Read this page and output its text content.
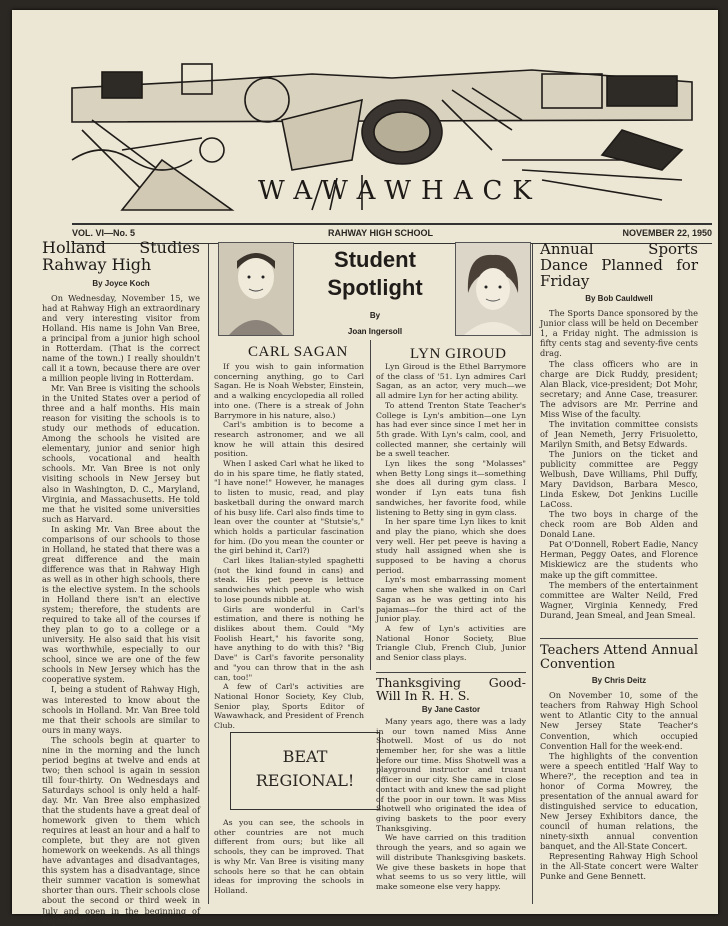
WAWAWHACK
VOL. VI—No. 5	RAHWAY HIGH SCHOOL	NOVEMBER 22, 1950
Holland Studies Rahway High
By Joyce Koch

On Wednesday, November 15, we had at Rahway High an extraordinary and very interesting visitor from Holland. His name is John Van Bree, a principal from a junior high school in Rotterdam. (That is the correct name of the town.) I really shouldn't call it a town, because there are over a million people living in Rotterdam.

Mr. Van Bree is visiting the schools in the United States over a period of three and a half months. His main reason for visiting the schools is to study our methods of education. Among the schools he visited are elementary, junior and senior high schools, vocational and health schools. Mr. Van Bree is not only visiting schools in New Jersey but also in Washington, D. C., Maryland, Virginia, and Massachusetts. He told me that he visited some universities such as Harvard.

In asking Mr. Van Bree about the comparisons of our schools to those in Holland, he stated that there was a great difference and the main difference was that in Rahway High as well as in other high schools, there is the elective system. In the schools in Holland there isn't an elective system; therefore, the students are required to take all of the courses if they plan to go to a college or a university. He also said that his visit was worthwhile, especially to our school, since we are one of the few schools in New Jersey which has the cooperative system.

I, being a student of Rahway High, was interested to know about the schools in Holland. Mr. Van Bree told me that their schools are similar to ours in many ways.

The schools begin at quarter to nine in the morning and the lunch period begins at twelve and ends at two; then school is again in session till four-thirty. On Wednesdays and Saturdays school is only held a half-day. Mr. Van Bree also emphasized that the students have a great deal of homework given to them which requires at least an hour and a half to complete, but they are not given homework on weekends. As all things have advantages and disadvantages, this system has a disadvantage, since their summer vacation is somewhat shorter than ours. Their schools close about the second or third week in July and open in the beginning of September.

Student
Spotlight
By
Joan Ingersoll
CARL SAGAN	LYN GIROUD

If you wish to gain information concerning anything, go to Carl Sagan. He is Noah Webster, Einstein, and a walking encyclopedia all rolled into one. (There is a streak of John Barrymore in his nature, also.)

Carl's ambition is to become a research astronomer, and we all know he will attain this desired position.

When I asked Carl what he liked to do in his spare time, he flatly stated, "I have none!" However, he manages to listen to music, read, and play basketball during the onward march of his busy life. Carl also finds time to lean over the counter at "Stutsie's," which holds a particular fascination for him. (Do you mean the counter or the girl behind it, Carl?)

Carl likes Italian-styled spaghetti (not the kind found in cans) and steak. His pet peeve is lettuce sandwiches which people who wish to lose pounds nibble at.

Girls are wonderful in Carl's estimation, and there is nothing he dislikes about them. Could "My Foolish Heart," his favorite song, have anything to do with this? "Big Dave" is Carl's favorite personality and "you can throw that in the ash can, too!"

A few of Carl's activities are National Honor Society, Key Club, Senior play, Sports Editor of Wawawhack, and President of French Club.

Lyn Giroud is the Ethel Barrymore of the class of '51. Lyn admires Carl Sagan, as an actor, very much—we all admire Lyn for her acting ability.

To attend Trenton State Teacher's College is Lyn's ambition—one Lyn has had ever since since I met her in 5th grade. With Lyn's calm, cool, and collected manner, she certainly will be a swell teacher.

Lyn likes the song "Molasses" when Betty Long sings it—something she does all during gym class. I wonder if Lyn eats tuna fish sandwiches, her favorite food, while listening to Betty sing in gym class.

In her spare time Lyn likes to knit and play the piano, which she does very well. Her pet peeve is having a study hall assigned when she is supposed to be having a chorus period.

Lyn's most embarrassing moment came when she walked in on Carl Sagan as he was getting into his pajamas—for the third act of the Junior play.

A few of Lyn's activities are National Honor Society, Blue Triangle Club, French Club, Junior and Senior class plays.

BEAT
REGIONAL!

As you can see, the schools in other countries are not much different from ours; but like all schools, they can be improved. That is why Mr. Van Bree is visiting many schools here so that he can obtain ideas for improving the schools in Holland.

Thanksgiving Good-Will In R. H. S.
By Jane Castor

Many years ago, there was a lady in our town named Miss Anne Shotwell. Most of us do not remember her, for she was a little before our time. Miss Shotwell was a playground instructor and truant officer in our city. She came in close contact with and knew the sad plight of the poor in our town. It was Miss Shotwell who originated the idea of giving baskets to the poor every Thanksgiving.

We have carried on this tradition through the years, and so again we will distribute Thanksgiving baskets. We give these baskets in hope that what seems to us so very little, will make someone else very happy.

Annual Sports Dance Planned for Friday
By Bob Cauldwell

The Sports Dance sponsored by the Junior class will be held on December 1, a Friday night. The admission is fifty cents stag and seventy-five cents drag.

The class officers who are in charge are Dick Ruddy, president; Alan Black, vice-president; Dot Mohr, secretary; and Anne Case, treasurer. The advisors are Mr. Perrine and Miss Wise of the faculty.

The invitation committee consists of Jean Nemeth, Jerry Frisuoletto, Marilyn Smith, and Betsy Edwards.

The Juniors on the ticket and publicity committee are Peggy Welbush, Dave Williams, Phil Duffy, Mary Davidson, Barbara Mesco, Linda Eskew, Dot Jenkins Lucille LaCoss.

The two boys in charge of the check room are Bob Alden and Donald Lane.

Pat O'Donnell, Robert Eadie, Nancy Herman, Peggy Oates, and Florence Miskiewicz are the students who make up the gift committee.

The members of the entertainment committee are Walter Neild, Fred Wagner, Virginia Kennedy, Fred Durand, Jean Smeal, and Jean Smeal.

Teachers Attend Annual Convention
By Chris Deitz

On November 10, some of the teachers from Rahway High School went to Atlantic City to the annual New Jersey State Teacher's Convention, which occupied Convention Hall for the week-end.

The highlights of the convention were a speech entitled 'Half Way to Where?', the reception and tea in honor of Corma Mowrey, the presentation of the annual award for distinguished service to education, New Jersey Exhibitors dance, the council of human relations, the ninety-sixth annual convention banquet, and the All-State Concert.

Representing Rahway High School in the All-State concert were Walter Punke and Gene Bennett.
